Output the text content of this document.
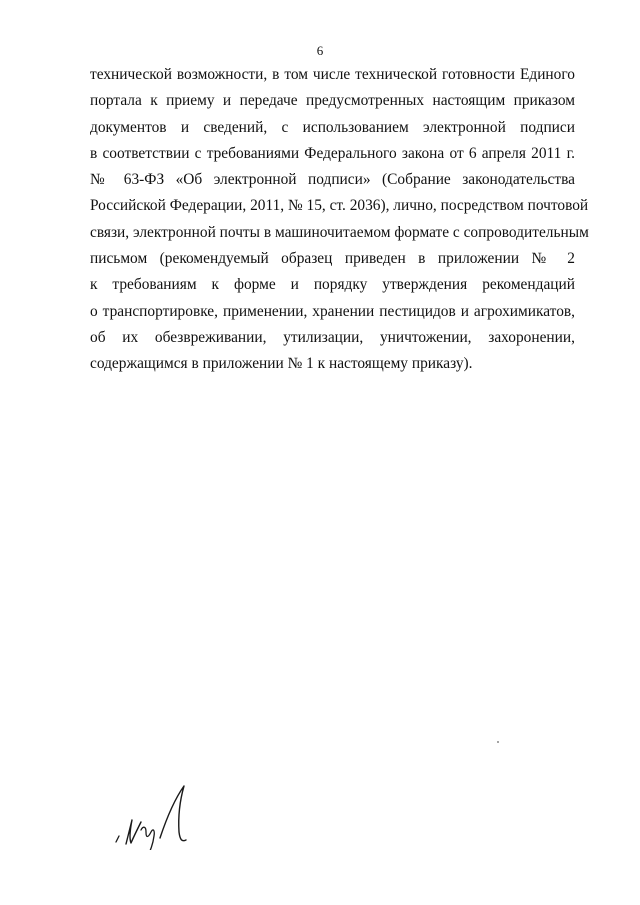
6
технической возможности, в том числе технической готовности Единого
портала к приему и передаче предусмотренных настоящим приказом
документов и сведений, с использованием электронной подписи
в соответствии с требованиями Федерального закона от 6 апреля 2011 г.
№ 63-ФЗ «Об электронной подписи» (Собрание законодательства
Российской Федерации, 2011, № 15, ст. 2036), лично, посредством почтовой
связи, электронной почты в машиночитаемом формате с сопроводительным
письмом (рекомендуемый образец приведен в приложении № 2
к требованиям к форме и порядку утверждения рекомендаций
о транспортировке, применении, хранении пестицидов и агрохимикатов,
об их обезвреживании, утилизации, уничтожении, захоронении,
содержащимся в приложении № 1 к настоящему приказу).
